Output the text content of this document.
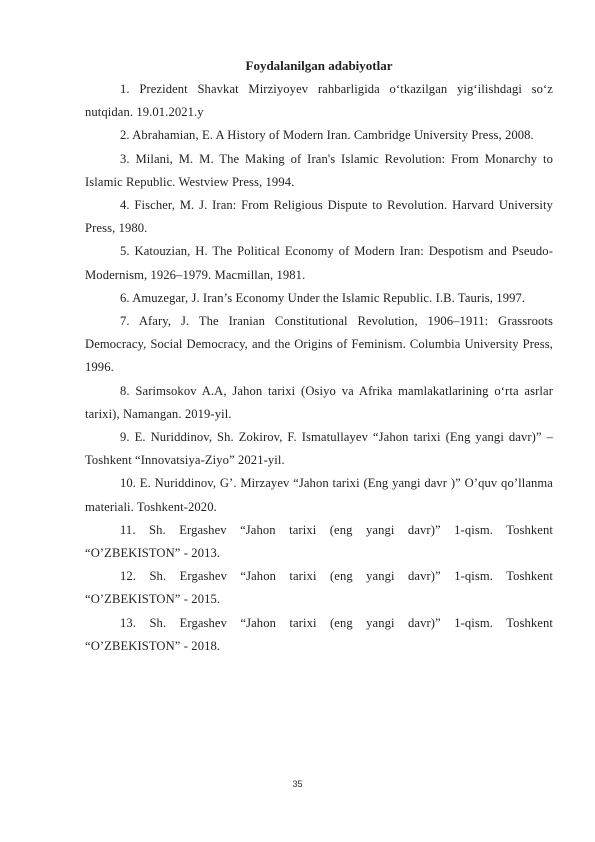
Foydalanilgan adabiyotlar

1. Prezident Shavkat Mirziyoyev rahbarligida o‘tkazilgan yig‘ilishdagi so‘z nutqidan. 19.01.2021.y

2. Abrahamian, E. A History of Modern Iran. Cambridge University Press, 2008.

3. Milani, M. M. The Making of Iran's Islamic Revolution: From Monarchy to Islamic Republic. Westview Press, 1994.

4. Fischer, M. J. Iran: From Religious Dispute to Revolution. Harvard University Press, 1980.

5. Katouzian, H. The Political Economy of Modern Iran: Despotism and Pseudo-Modernism, 1926–1979. Macmillan, 1981.

6. Amuzegar, J. Iran’s Economy Under the Islamic Republic. I.B. Tauris, 1997.

7. Afary, J. The Iranian Constitutional Revolution, 1906–1911: Grassroots Democracy, Social Democracy, and the Origins of Feminism. Columbia University Press, 1996.

8. Sarimsokov A.A, Jahon tarixi (Osiyo va Afrika mamlakatlarining o‘rta asrlar tarixi), Namangan. 2019-yil.

9. E. Nuriddinov, Sh. Zokirov, F. Ismatullayev “Jahon tarixi (Eng yangi davr)” – Toshkent “Innovatsiya-Ziyo” 2021-yil.

10. E. Nuriddinov, G’. Mirzayev “Jahon tarixi (Eng yangi davr )” O’quv qo’llanma materiali. Toshkent-2020.

11. Sh. Ergashev “Jahon tarixi (eng yangi davr)” 1-qism. Toshkent “O’ZBEKISTON” - 2013.

12. Sh. Ergashev “Jahon tarixi (eng yangi davr)” 1-qism. Toshkent “O’ZBEKISTON” - 2015.

13. Sh. Ergashev “Jahon tarixi (eng yangi davr)” 1-qism. Toshkent “O’ZBEKISTON” - 2018.

35
